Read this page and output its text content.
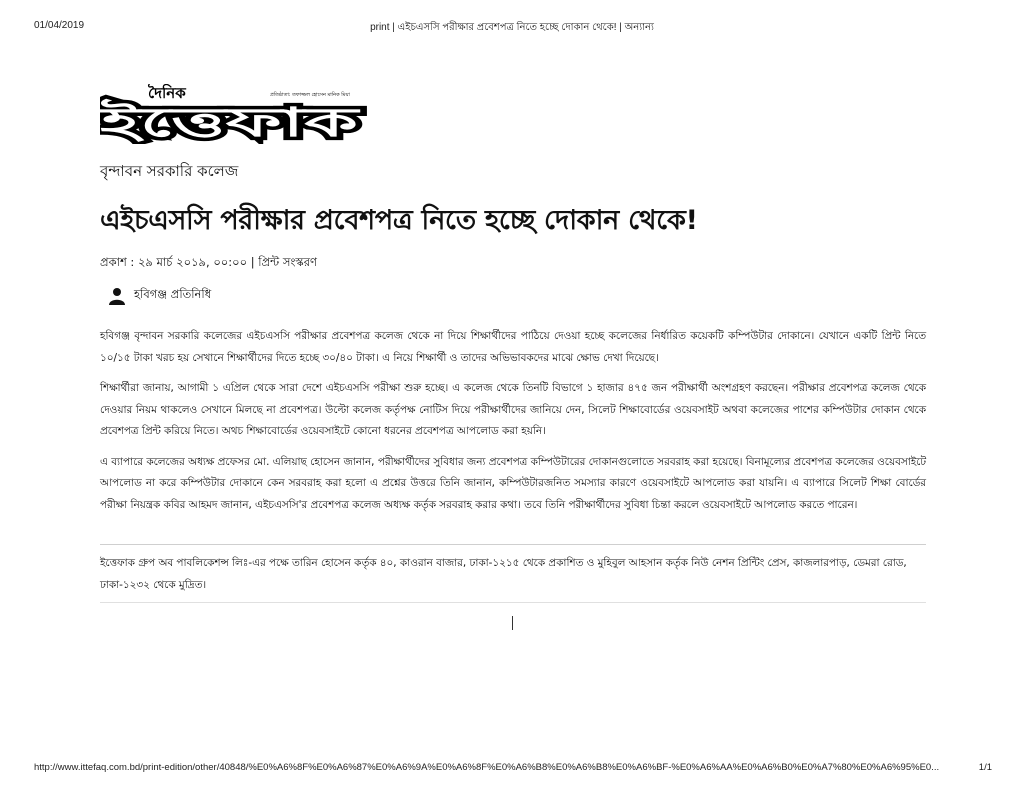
01/04/2019	print | এইচএসসি পরীক্ষার প্রবেশপত্র নিতে হচ্ছে দোকান থেকে! | অন্যান্য
দৈনিক	প্রতিষ্ঠাতা: তফাজ্জল হোসেন মানিক মিয়া
ইত্তেফাক
বৃন্দাবন সরকারি কলেজ
এইচএসসি পরীক্ষার প্রবেশপত্র নিতে হচ্ছে দোকান থেকে!
প্রকাশ : ২৯ মার্চ ২০১৯, ০০:০০ | প্রিন্ট সংস্করণ
হবিগঞ্জ প্রতিনিধি

হবিগঞ্জ বৃন্দাবন সরকারি কলেজের এইচএসসি পরীক্ষার প্রবেশপত্র কলেজ থেকে না দিয়ে শিক্ষার্থীদের পাঠিয়ে দেওয়া হচ্ছে কলেজের নির্ধারিত কয়েকটি কম্পিউটার দোকানে। যেখানে একটি প্রিন্ট নিতে ১০/১৫ টাকা খরচ হয় সেখানে শিক্ষার্থীদের দিতে হচ্ছে ৩০/৪০ টাকা। এ নিয়ে শিক্ষার্থী ও তাদের অভিভাবকদের মাঝে ক্ষোভ দেখা দিয়েছে।

শিক্ষার্থীরা জানায়, আগামী ১ এপ্রিল থেকে সারা দেশে এইচএসসি পরীক্ষা শুরু হচ্ছে। এ কলেজ থেকে তিনটি বিভাগে ১ হাজার ৪৭৫ জন পরীক্ষার্থী অংশগ্রহণ করছেন। পরীক্ষার প্রবেশপত্র কলেজ থেকে দেওয়ার নিয়ম থাকলেও সেখানে মিলছে না প্রবেশপত্র। উল্টো কলেজ কর্তৃপক্ষ নোটিস দিয়ে পরীক্ষার্থীদের জানিয়ে দেন, সিলেট শিক্ষাবোর্ডের ওয়েবসাইট অথবা কলেজের পাশের কম্পিউটার দোকান থেকে প্রবেশপত্র প্রিন্ট করিয়ে নিতে। অথচ শিক্ষাবোর্ডের ওয়েবসাইটে কোনো ধরনের প্রবেশপত্র আপলোড করা হয়নি।

এ ব্যাপারে কলেজের অধ্যক্ষ প্রফেসর মো. এলিয়াছ হোসেন জানান, পরীক্ষার্থীদের সুবিধার জন্য প্রবেশপত্র কম্পিউটারের দোকানগুলোতে সরবরাহ করা হয়েছে। বিনামূল্যের প্রবেশপত্র কলেজের ওয়েবসাইটে আপলোড না করে কম্পিউটার দোকানে কেন সরবরাহ করা হলো এ প্রশ্নের উত্তরে তিনি জানান, কম্পিউটারজনিত সমস্যার কারণে ওয়েবসাইটে আপলোড করা যায়নি। এ ব্যাপারে সিলেট শিক্ষা বোর্ডের পরীক্ষা নিয়ন্ত্রক কবির আহমদ জানান, এইচএসসি'র প্রবেশপত্র কলেজ অধ্যক্ষ কর্তৃক সরবরাহ করার কথা। তবে তিনি পরীক্ষার্থীদের সুবিধা চিন্তা করলে ওয়েবসাইটে আপলোড করতে পারেন।

ইত্তেফাক গ্রুপ অব পাবলিকেশন্স লিঃ-এর পক্ষে তারিন হোসেন কর্তৃক ৪০, কাওরান বাজার, ঢাকা-১২১৫ থেকে প্রকাশিত ও মুহিবুল আহসান কর্তৃক নিউ নেশন প্রিন্টিং প্রেস, কাজলারপাড়, ডেমরা রোড, ঢাকা-১২৩২ থেকে মুদ্রিত।
http://www.ittefaq.com.bd/print-edition/other/40848/%E0%A6%8F%E0%A6%87%E0%A6%9A%E0%A6%8F%E0%A6%B8%E0%A6%B8%E0%A6%BF-%E0%A6%AA%E0%A6%B0%E0%A7%80%E0%A6%95%E0...	1/1
